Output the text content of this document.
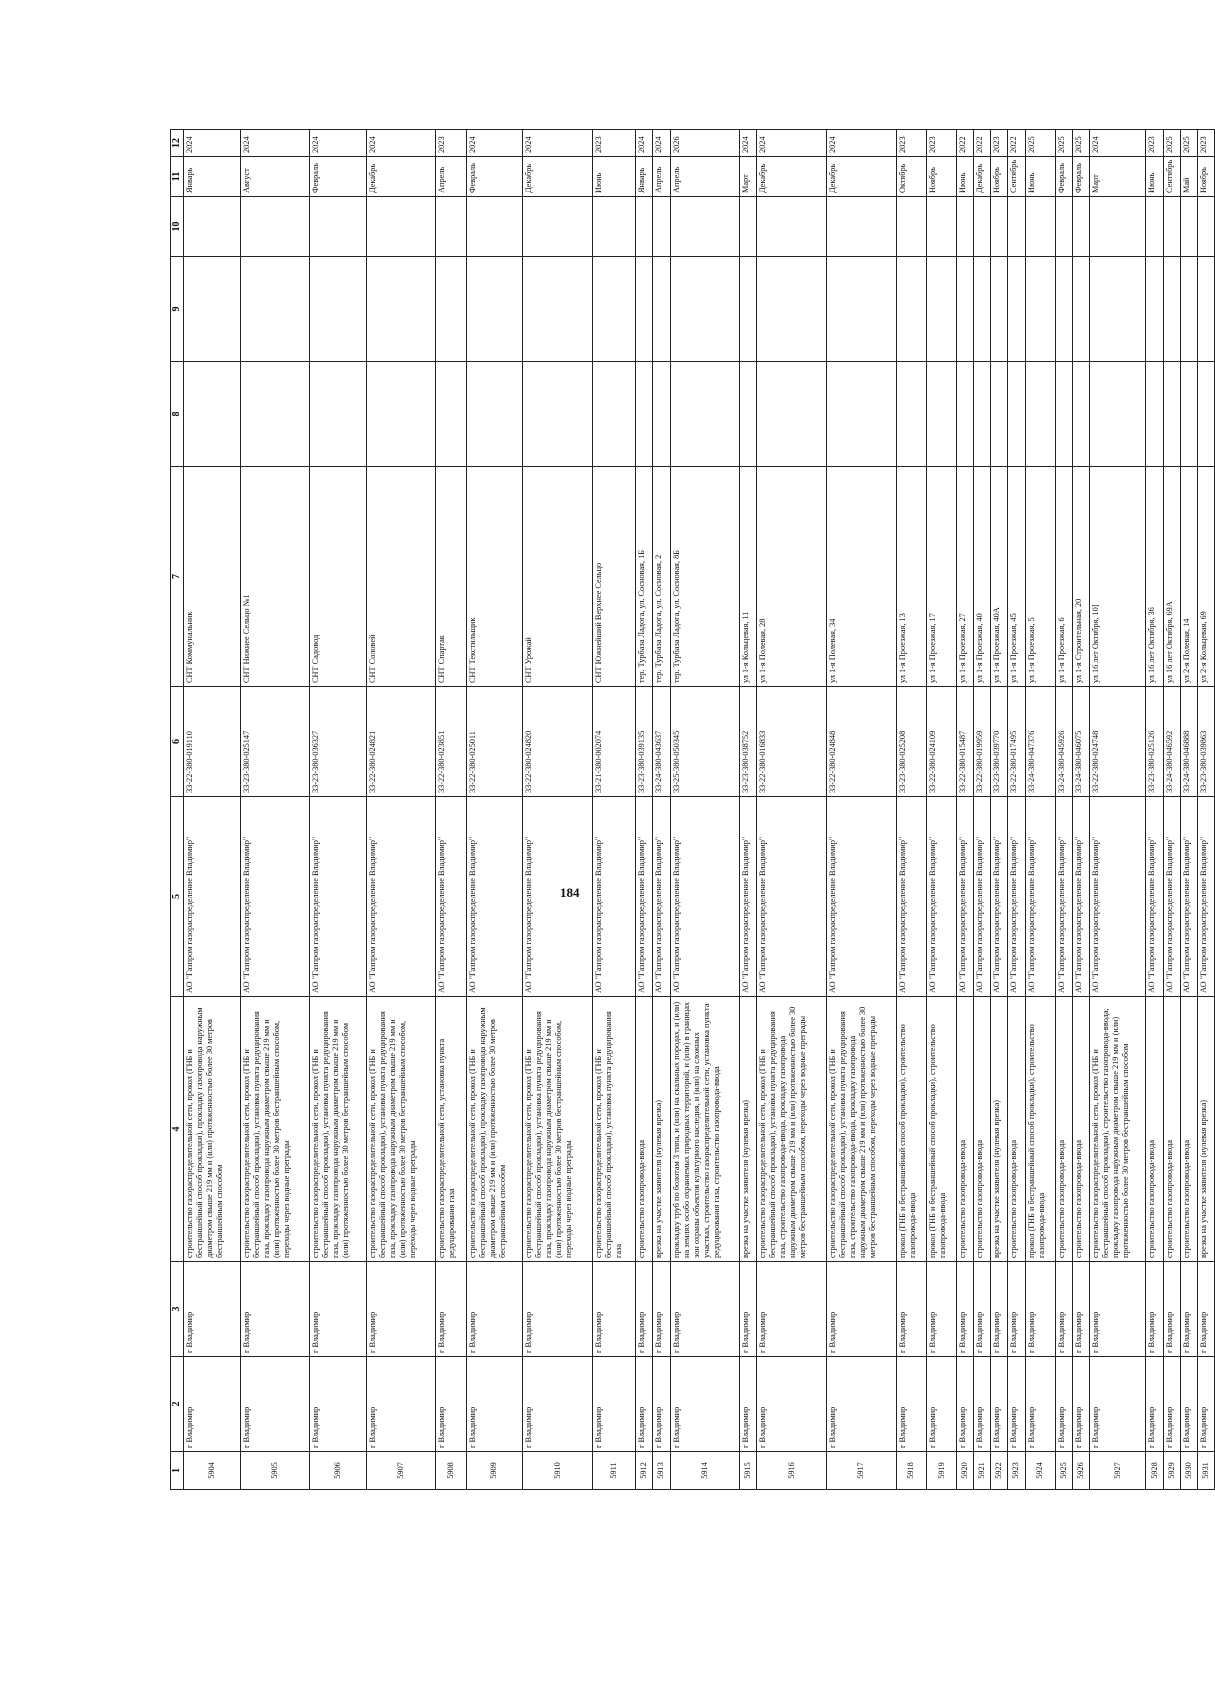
184
1	2	3	4	5	6	7	8	9	10	11	12
5904	г Владимир	г Владимир	строительство газораспределительной сети, прокол (ГНБ и бестраншейный способ прокладки), прокладку газопровода наружным диаметром свыше 219 мм и (или) протяженностью более 30 метров бестраншейным способом	АО "Газпром газораспределение Владимир"	33-22-380-019110	СНТ Коммунальник				Январь	2024
5905	г Владимир	г Владимир	строительство газораспределительной сети, прокол (ГНБ и бестраншейный способ прокладки), установка пункта редуцирования газа, прокладку газопровода наружным диаметром свыше 219 мм и (или) протяженностью более 30 метров бестраншейным способом, переходы через водные преграды	АО "Газпром газораспределение Владимир"	33-23-380-025147	СНТ Нижнее Сельцо №1				Август	2024
5906	г Владимир	г Владимир	строительство газораспределительной сети, прокол (ГНБ и бестраншейный способ прокладки), установка пункта редуцирования газа, прокладку газопровода наружным диаметром свыше 219 мм и (или) протяженностью более 30 метров бестраншейным способом	АО "Газпром газораспределение Владимир"	33-23-380-036327	СНТ Садовод				Февраль	2024
5907	г Владимир	г Владимир	строительство газораспределительной сети, прокол (ГНБ и бестраншейный способ прокладки), установка пункта редуцирования газа, прокладку газопровода наружным диаметром свыше 219 мм и (или) протяженностью более 30 метров бестраншейным способом, переходы через водные преграды	АО "Газпром газораспределение Владимир"	33-22-380-024821	СНТ Соловей				Декабрь	2024
5908	г Владимир	г Владимир	строительство газораспределительной сети, установка пункта редуцирования газа	АО "Газпром газораспределение Владимир"	33-22-380-023851	СНТ Спартак				Апрель	2023
5909	г Владимир	г Владимир	строительство газораспределительной сети, прокол (ГНБ и бестраншейный способ прокладки), прокладку газопровода наружным диаметром свыше 219 мм и (или) протяженностью более 30 метров бестраншейным способом	АО "Газпром газораспределение Владимир"	33-22-380-025011	СНТ Текстильщик				Февраль	2024
5910	г Владимир	г Владимир	строительство газораспределительной сети, прокол (ГНБ и бестраншейный способ прокладки), установка пункта редуцирования газа, прокладку газопровода наружным диаметром свыше 219 мм и (или) протяженностью более 30 метров бестраншейным способом, переходы через водные преграды	АО "Газпром газораспределение Владимир"	33-22-380-024820	СНТ Урожай				Декабрь	2024
5911	г Владимир	г Владимир	строительство газораспределительной сети, прокол (ГНБ и бестраншейный способ прокладки), установка пункта редуцирования газа	АО "Газпром газораспределение Владимир"	33-21-380-002074	СНТ Южнейший Верхнее Сельцо				Июнь	2023
5912	г Владимир	г Владимир	строительство газопровода-ввода	АО "Газпром газораспределение Владимир"	33-23-380-039135	тер. Турбаза Ладога, ул. Сосновая, 1Б				Январь	2024
5913	г Владимир	г Владимир	врезка на участке заявителя (нулевая врезка)	АО "Газпром газораспределение Владимир"	33-24-380-043637	тер. Турбаза Ладога, ул. Сосновая, 2				Апрель	2024
5914	г Владимир	г Владимир	прокладку труб по болотам 3 типа, и (или) на скальных породах, и (или) на землях особо охраняемых природных территорий, и (или) в границах зон охраны объектов культурного наследия, и (или) на сложных участках, строительство газораспределительной сети, установка пункта редуцирования газа, строительство газопровода-ввода	АО "Газпром газораспределение Владимир"	33-25-380-050345	тер. Турбаза Ладога, ул. Сосновая, 8Б				Апрель	2026
5915	г Владимир	г Владимир	врезка на участке заявителя (нулевая врезка)	АО "Газпром газораспределение Владимир"	33-23-380-038752	ул 1-я Кольцевая, 11				Март	2024
5916	г Владимир	г Владимир	строительство газораспределительной сети, прокол (ГНБ и бестраншейный способ прокладки), установка пункта редуцирования газа, строительство газопровода-ввода, прокладку газопровода наружным диаметром свыше 219 мм и (или) протяженностью более 30 метров бестраншейным способом, переходы через водные преграды	АО "Газпром газораспределение Владимир"	33-22-380-016833	ул 1-я Полевая, 28				Декабрь	2024
5917	г Владимир	г Владимир	строительство газораспределительной сети, прокол (ГНБ и бестраншейный способ прокладки), установка пункта редуцирования газа, строительство газопровода-ввода, прокладку газопровода наружным диаметром свыше 219 мм и (или) протяженностью более 30 метров бестраншейным способом, переходы через водные преграды	АО "Газпром газораспределение Владимир"	33-22-380-024848	ул 1-я Полевая, 34				Декабрь	2024
5918	г Владимир	г Владимир	прокол (ГНБ и бестраншейный способ прокладки), строительство газопровода-ввода	АО "Газпром газораспределение Владимир"	33-23-380-025208	ул 1-я Проезжая, 13				Октябрь	2023
5919	г Владимир	г Владимир	прокол (ГНБ и бестраншейный способ прокладки), строительство газопровода-ввода	АО "Газпром газораспределение Владимир"	33-22-380-024109	ул 1-я Проезжая, 17				Ноябрь	2023
5920	г Владимир	г Владимир	строительство газопровода-ввода	АО "Газпром газораспределение Владимир"	33-22-380-015487	ул 1-я Проезжая, 27				Июнь	2022
5921	г Владимир	г Владимир	строительство газопровода-ввода	АО "Газпром газораспределение Владимир"	33-22-380-019959	ул 1-я Проезжая, 40				Декабрь	2022
5922	г Владимир	г Владимир	врезка на участке заявителя (нулевая врезка)	АО "Газпром газораспределение Владимир"	33-23-380-039770	ул 1-я Проезжая, 40А				Ноябрь	2023
5923	г Владимир	г Владимир	строительство газопровода-ввода	АО "Газпром газораспределение Владимир"	33-22-380-017495	ул 1-я Проезжая, 45				Сентябрь	2022
5924	г Владимир	г Владимир	прокол (ГНБ и бестраншейный способ прокладки), строительство газопровода-ввода	АО "Газпром газораспределение Владимир"	33-24-380-047376	ул 1-я Проезжая, 5				Июнь	2025
5925	г Владимир	г Владимир	строительство газопровода-ввода	АО "Газпром газораспределение Владимир"	33-24-380-045926	ул 1-я Проезжая, 6				Февраль	2025
5926	г Владимир	г Владимир	строительство газопровода-ввода	АО "Газпром газораспределение Владимир"	33-24-380-046075	ул 1-я Строительная, 20				Февраль	2025
5927	г Владимир	г Владимир	строительство газораспределительной сети, прокол (ГНБ и бестраншейный способ прокладки), строительство газопровода-ввода, прокладку газопровода наружным диаметром свыше 219 мм и (или) протяженностью более 30 метров бестраншейным способом	АО "Газпром газораспределение Владимир"	33-22-380-024748	ул 16 лет Октября, 10]				Март	2024
5928	г Владимир	г Владимир	строительство газопровода-ввода	АО "Газпром газораспределение Владимир"	33-23-380-025126	ул 16 лет Октября, 36				Июнь	2023
5929	г Владимир	г Владимир	строительство газопровода-ввода	АО "Газпром газораспределение Владимир"	33-24-380-046592	ул 16 лет Октября, 69А				Сентябрь	2025
5930	г Владимир	г Владимир	строительство газопровода-ввода	АО "Газпром газораспределение Владимир"	33-24-380-046888	ул 2-я Полевая, 14				Май	2025
5931	г Владимир	г Владимир	врезка на участке заявителя (нулевая врезка)	АО "Газпром газораспределение Владимир"	33-23-380-039863	ул 2-я Кольцевая, 69				Ноябрь	2023
